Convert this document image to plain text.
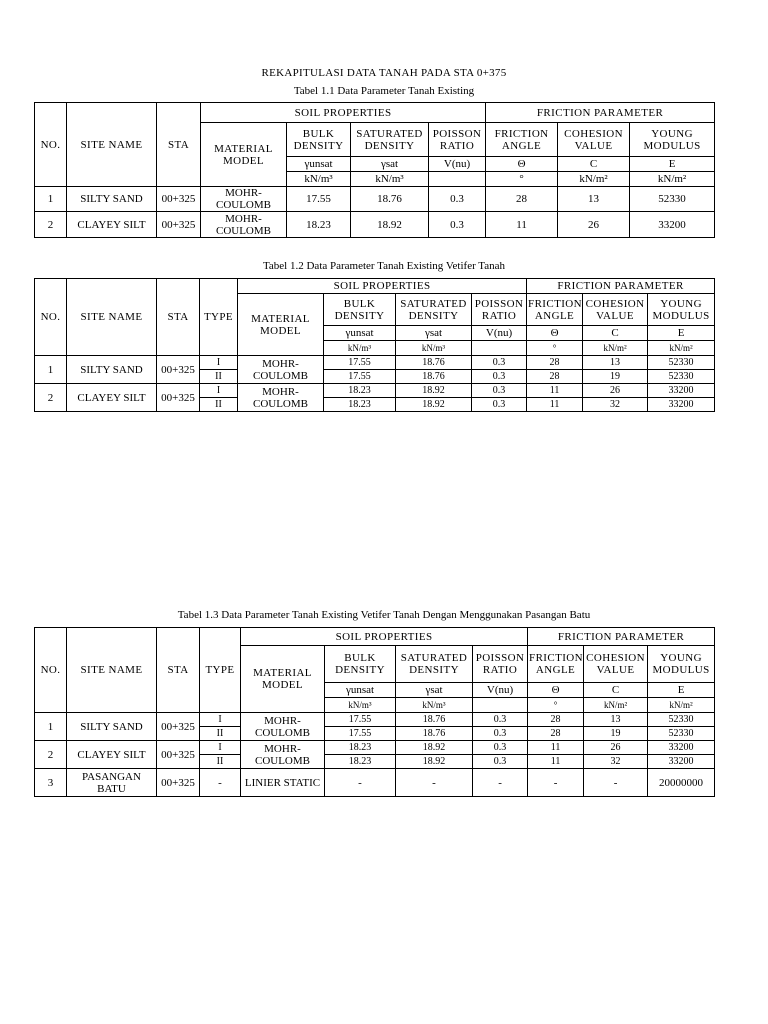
REKAPITULASI DATA TANAH PADA STA 0+375
Tabel 1.1 Data Parameter Tanah Existing
NO.	SITE NAME	STA	SOIL PROPERTIES				FRICTION PARAMETER		
			MATERIAL MODEL	BULK DENSITY	SATURATED DENSITY	POISSON RATIO	FRICTION ANGLE	COHESION VALUE	YOUNG MODULUS
				γunsat	γsat	V(nu)	Θ	C	E
				kN/m³	kN/m³		°	kN/m²	kN/m²
1	SILTY SAND	00+325	MOHR-COULOMB	17.55	18.76	0.3	28	13	52330
2	CLAYEY SILT	00+325	MOHR-COULOMB	18.23	18.92	0.3	11	26	33200
Tabel 1.2 Data Parameter Tanah Existing Vetifer Tanah
NO.	SITE NAME	STA	TYPE	SOIL PROPERTIES				FRICTION PARAMETER		
				MATERIAL MODEL	BULK DENSITY	SATURATED DENSITY	POISSON RATIO	FRICTION ANGLE	COHESION VALUE	YOUNG MODULUS
					γunsat	γsat	V(nu)	Θ	C	E
					kN/m³	kN/m³		°	kN/m²	kN/m²
1	SILTY SAND	00+325	I	MOHR-COULOMB	17.55	18.76	0.3	28	13	52330
			II		17.55	18.76	0.3	28	19	52330
2	CLAYEY SILT	00+325	I	MOHR-COULOMB	18.23	18.92	0.3	11	26	33200
			II		18.23	18.92	0.3	11	32	33200
Tabel 1.3 Data Parameter Tanah Existing Vetifer Tanah Dengan Menggunakan Pasangan Batu
NO.	SITE NAME	STA	TYPE	SOIL PROPERTIES				FRICTION PARAMETER		
				MATERIAL MODEL	BULK DENSITY	SATURATED DENSITY	POISSON RATIO	FRICTION ANGLE	COHESION VALUE	YOUNG MODULUS
					γunsat	γsat	V(nu)	Θ	C	E
					kN/m³	kN/m³		°	kN/m²	kN/m²
1	SILTY SAND	00+325	I	MOHR-COULOMB	17.55	18.76	0.3	28	13	52330
			II		17.55	18.76	0.3	28	19	52330
2	CLAYEY SILT	00+325	I	MOHR-COULOMB	18.23	18.92	0.3	11	26	33200
			II		18.23	18.92	0.3	11	32	33200
3	PASANGAN BATU	00+325	-	LINIER STATIC	-	-	-	-	-	20000000
